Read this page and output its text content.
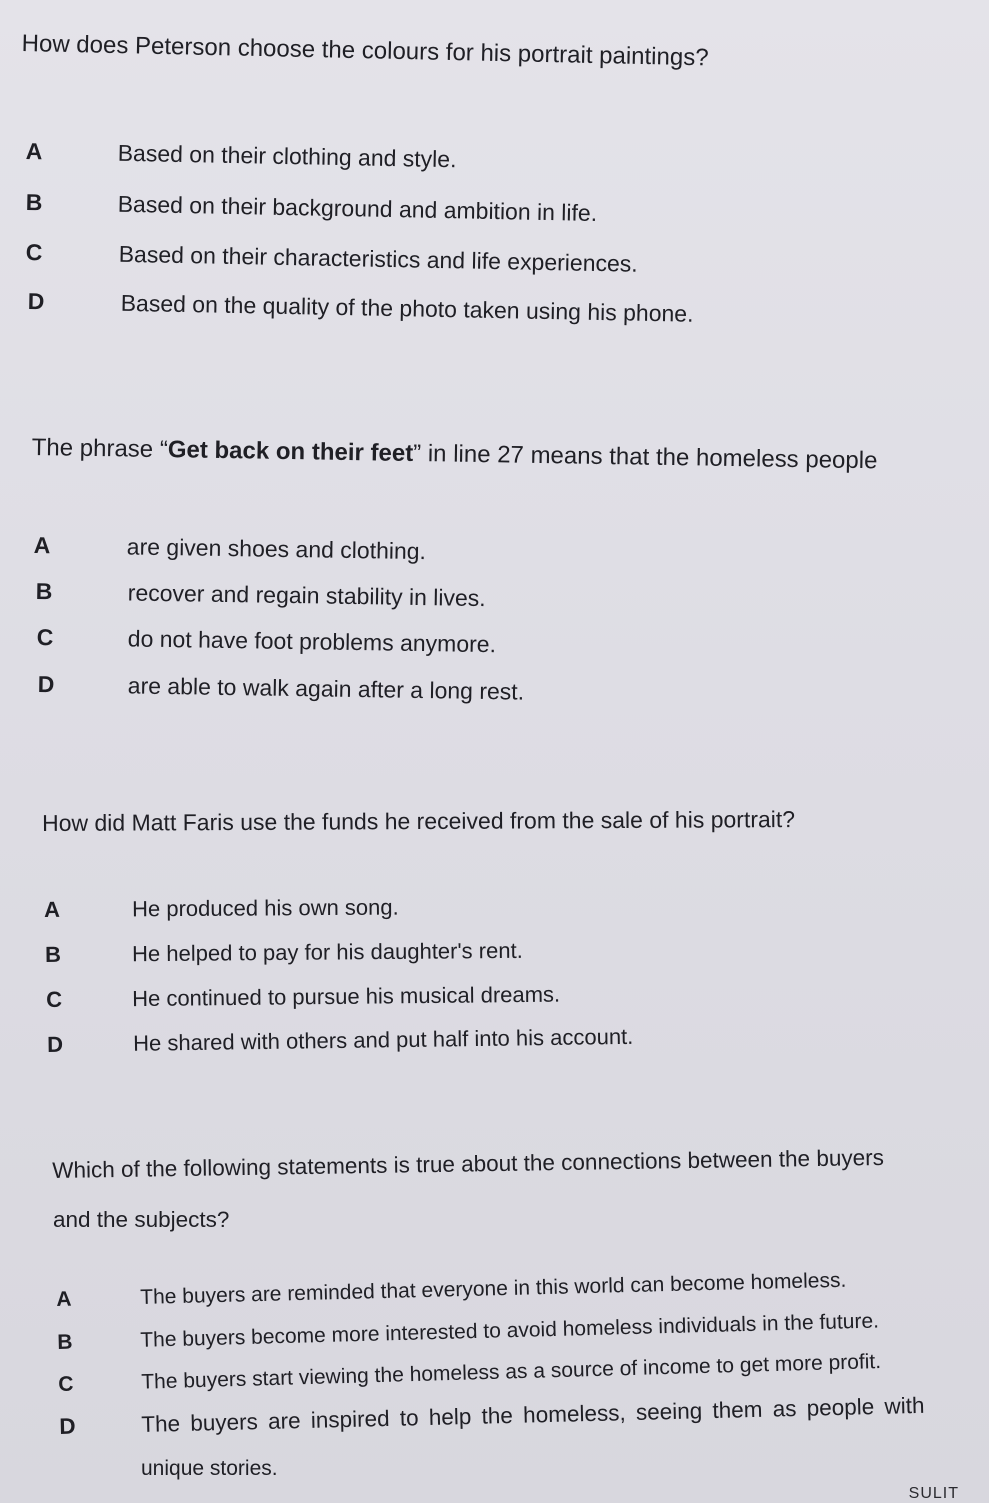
How does Peterson choose the colours for his portrait paintings?

A	Based on their clothing and style.
B	Based on their background and ambition in life.
C	Based on their characteristics and life experiences.
D	Based on the quality of the photo taken using his phone.

The phrase “Get back on their feet” in line 27 means that the homeless people

A	are given shoes and clothing.
B	recover and regain stability in lives.
C	do not have foot problems anymore.
D	are able to walk again after a long rest.

How did Matt Faris use the funds he received from the sale of his portrait?

A	He produced his own song.
B	He helped to pay for his daughter's rent.
C	He continued to pursue his musical dreams.
D	He shared with others and put half into his account.

Which of the following statements is true about the connections between the buyers

and the subjects?

A	The buyers are reminded that everyone in this world can become homeless.
B	The buyers become more interested to avoid homeless individuals in the future.
C	The buyers start viewing the homeless as a source of income to get more profit.
D	The buyers are inspired to help the homeless, seeing them as people with
unique stories.
SULIT
